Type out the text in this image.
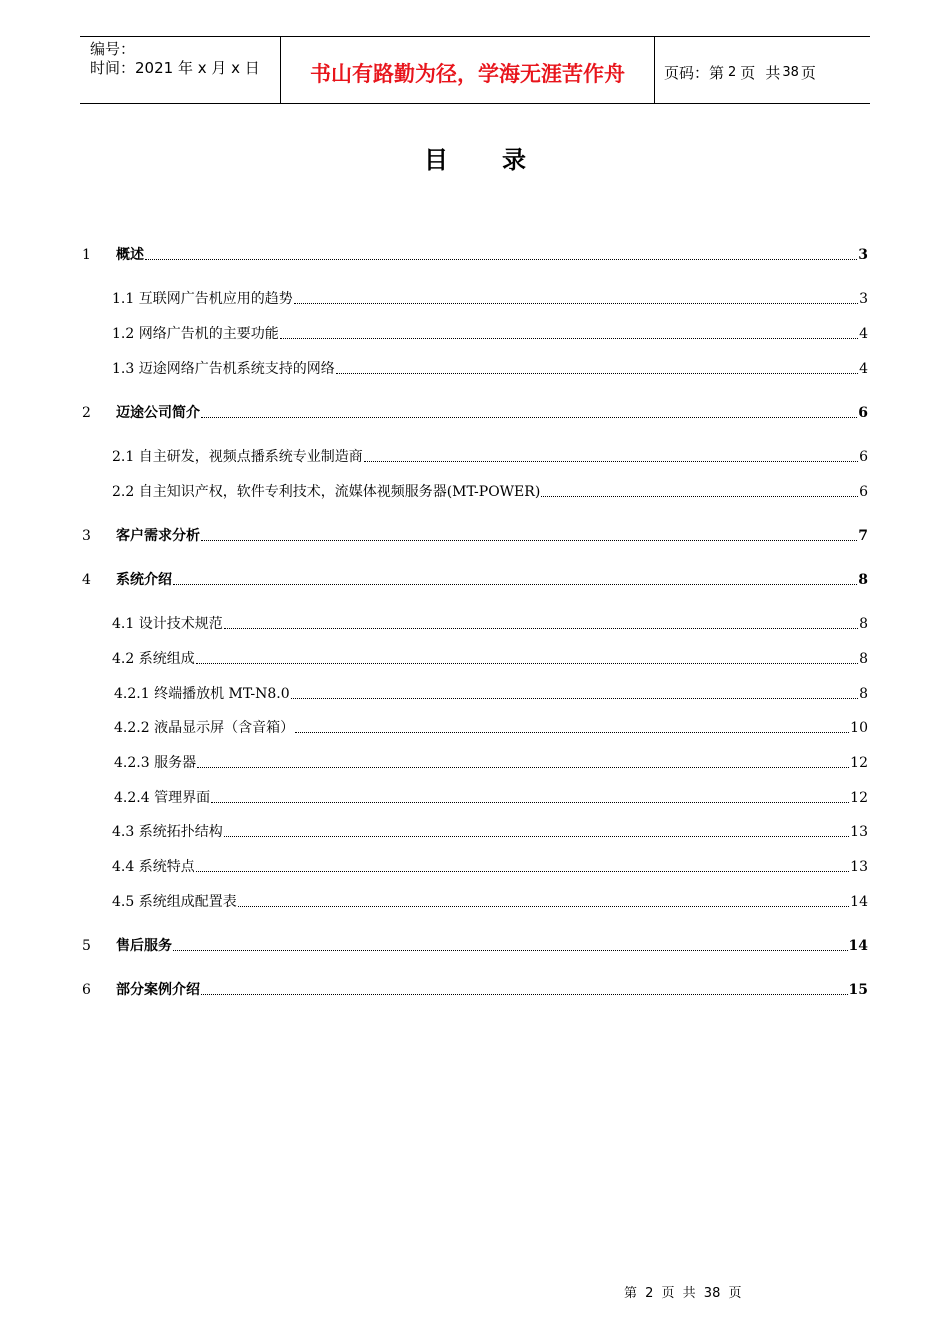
编号：
时间：2021 年 x 月 x 日	书山有路勤为径，学海无涯苦作舟	页码：第 2 页 共 38 页
目 录
1	概述	3
1.1 互联网广告机应用的趋势	3
1.2 网络广告机的主要功能	4
1.3 迈途网络广告机系统支持的网络	4
2	迈途公司简介	6
2.1 自主研发，视频点播系统专业制造商	6
2.2 自主知识产权，软件专利技术，流媒体视频服务器(MT-POWER)	6
3	客户需求分析	7
4	系统介绍	8
4.1 设计技术规范	8
4.2 系统组成	8
4.2.1 终端播放机 MT-N8.0	8
4.2.2 液晶显示屏（含音箱）	10
4.2.3 服务器	12
4.2.4 管理界面	12
4.3 系统拓扑结构	13
4.4 系统特点	13
4.5 系统组成配置表	14
5	售后服务	14
6	部分案例介绍	15
第 2 页 共 38 页
